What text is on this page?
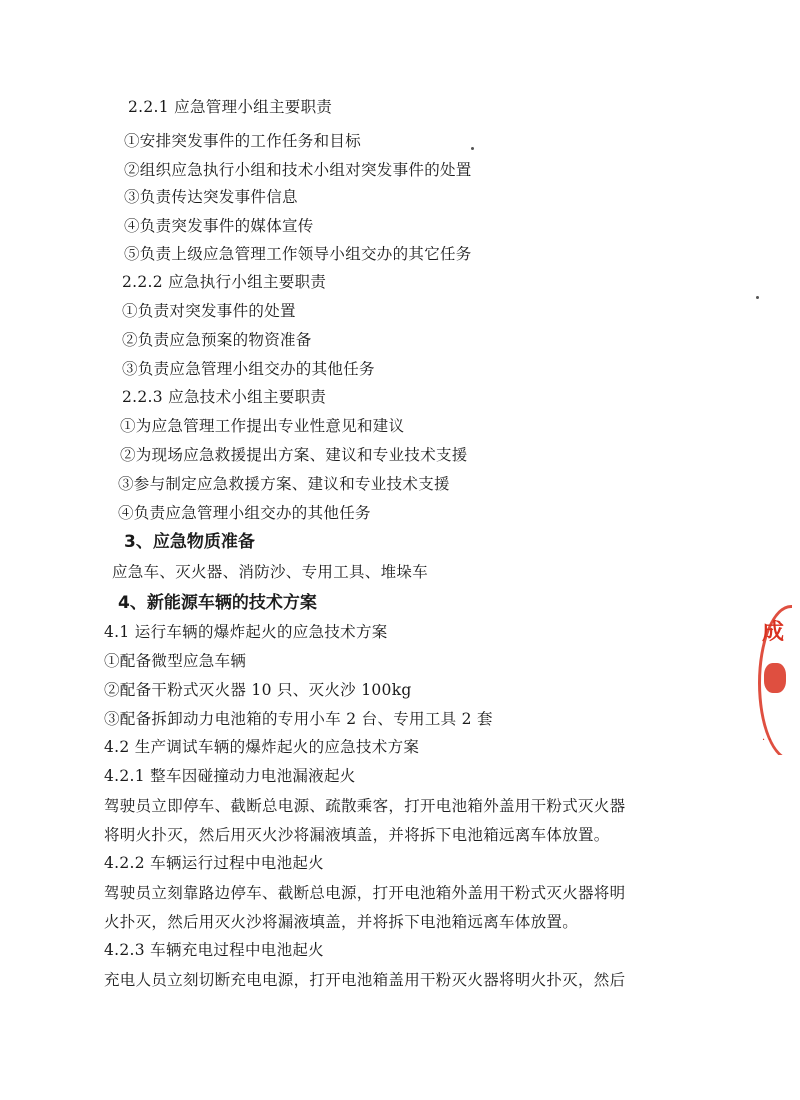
2.2.1 应急管理小组主要职责
①安排突发事件的工作任务和目标
②组织应急执行小组和技术小组对突发事件的处置
③负责传达突发事件信息
④负责突发事件的媒体宣传
⑤负责上级应急管理工作领导小组交办的其它任务
2.2.2 应急执行小组主要职责
①负责对突发事件的处置
②负责应急预案的物资准备
③负责应急管理小组交办的其他任务
2.2.3 应急技术小组主要职责
①为应急管理工作提出专业性意见和建议
②为现场应急救援提出方案、建议和专业技术支援
③参与制定应急救援方案、建议和专业技术支援
④负责应急管理小组交办的其他任务
3、应急物质准备
应急车、灭火器、消防沙、专用工具、堆垛车
4、新能源车辆的技术方案
4.1 运行车辆的爆炸起火的应急技术方案
①配备微型应急车辆
②配备干粉式灭火器 10 只、灭火沙 100kg
③配备拆卸动力电池箱的专用小车 2 台、专用工具 2 套
4.2 生产调试车辆的爆炸起火的应急技术方案
4.2.1 整车因碰撞动力电池漏液起火
驾驶员立即停车、截断总电源、疏散乘客，打开电池箱外盖用干粉式灭火器
将明火扑灭，然后用灭火沙将漏液填盖，并将拆下电池箱远离车体放置。
4.2.2 车辆运行过程中电池起火
驾驶员立刻靠路边停车、截断总电源，打开电池箱外盖用干粉式灭火器将明
火扑灭，然后用灭火沙将漏液填盖，并将拆下电池箱远离车体放置。
4.2.3 车辆充电过程中电池起火
充电人员立刻切断充电电源，打开电池箱盖用干粉灭火器将明火扑灭，然后
成
· ·
